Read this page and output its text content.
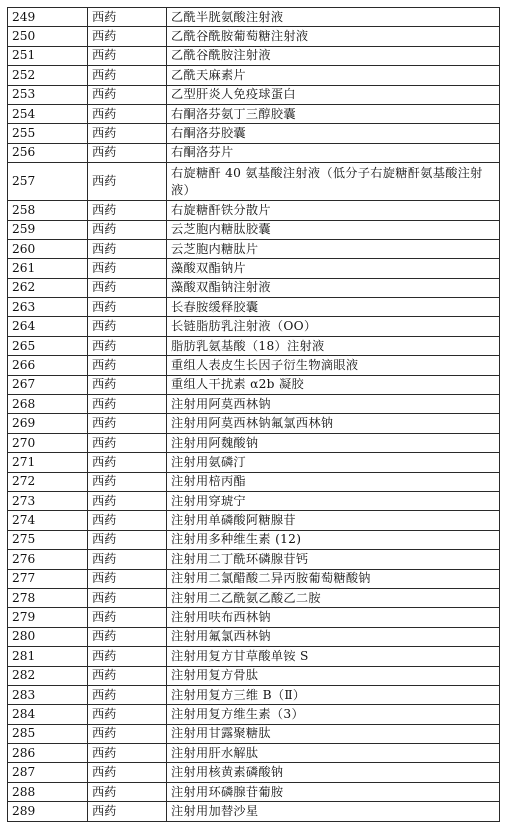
249	西药	乙酰半胱氨酸注射液
250	西药	乙酰谷酰胺葡萄糖注射液
251	西药	乙酰谷酰胺注射液
252	西药	乙酰天麻素片
253	西药	乙型肝炎人免疫球蛋白
254	西药	右酮洛芬氨丁三醇胶囊
255	西药	右酮洛芬胶囊
256	西药	右酮洛芬片
257	西药	右旋糖酐 40 氨基酸注射液（低分子右旋糖酐氨基酸注射液）
258	西药	右旋糖酐铁分散片
259	西药	云芝胞内糖肽胶囊
260	西药	云芝胞内糖肽片
261	西药	藻酸双酯钠片
262	西药	藻酸双酯钠注射液
263	西药	长春胺缓释胶囊
264	西药	长链脂肪乳注射液（OO）
265	西药	脂肪乳氨基酸（18）注射液
266	西药	重组人表皮生长因子衍生物滴眼液
267	西药	重组人干扰素 α2b 凝胶
268	西药	注射用阿莫西林钠
269	西药	注射用阿莫西林钠氟氯西林钠
270	西药	注射用阿魏酸钠
271	西药	注射用氨磷汀
272	西药	注射用棓丙酯
273	西药	注射用穿琥宁
274	西药	注射用单磷酸阿糖腺苷
275	西药	注射用多种维生素 (12)
276	西药	注射用二丁酰环磷腺苷钙
277	西药	注射用二氯醋酸二异丙胺葡萄糖酸钠
278	西药	注射用二乙酰氨乙酸乙二胺
279	西药	注射用呋布西林钠
280	西药	注射用氟氯西林钠
281	西药	注射用复方甘草酸单铵 S
282	西药	注射用复方骨肽
283	西药	注射用复方三维 B（Ⅱ）
284	西药	注射用复方维生素（3）
285	西药	注射用甘露聚糖肽
286	西药	注射用肝水解肽
287	西药	注射用核黄素磷酸钠
288	西药	注射用环磷腺苷葡胺
289	西药	注射用加替沙星
